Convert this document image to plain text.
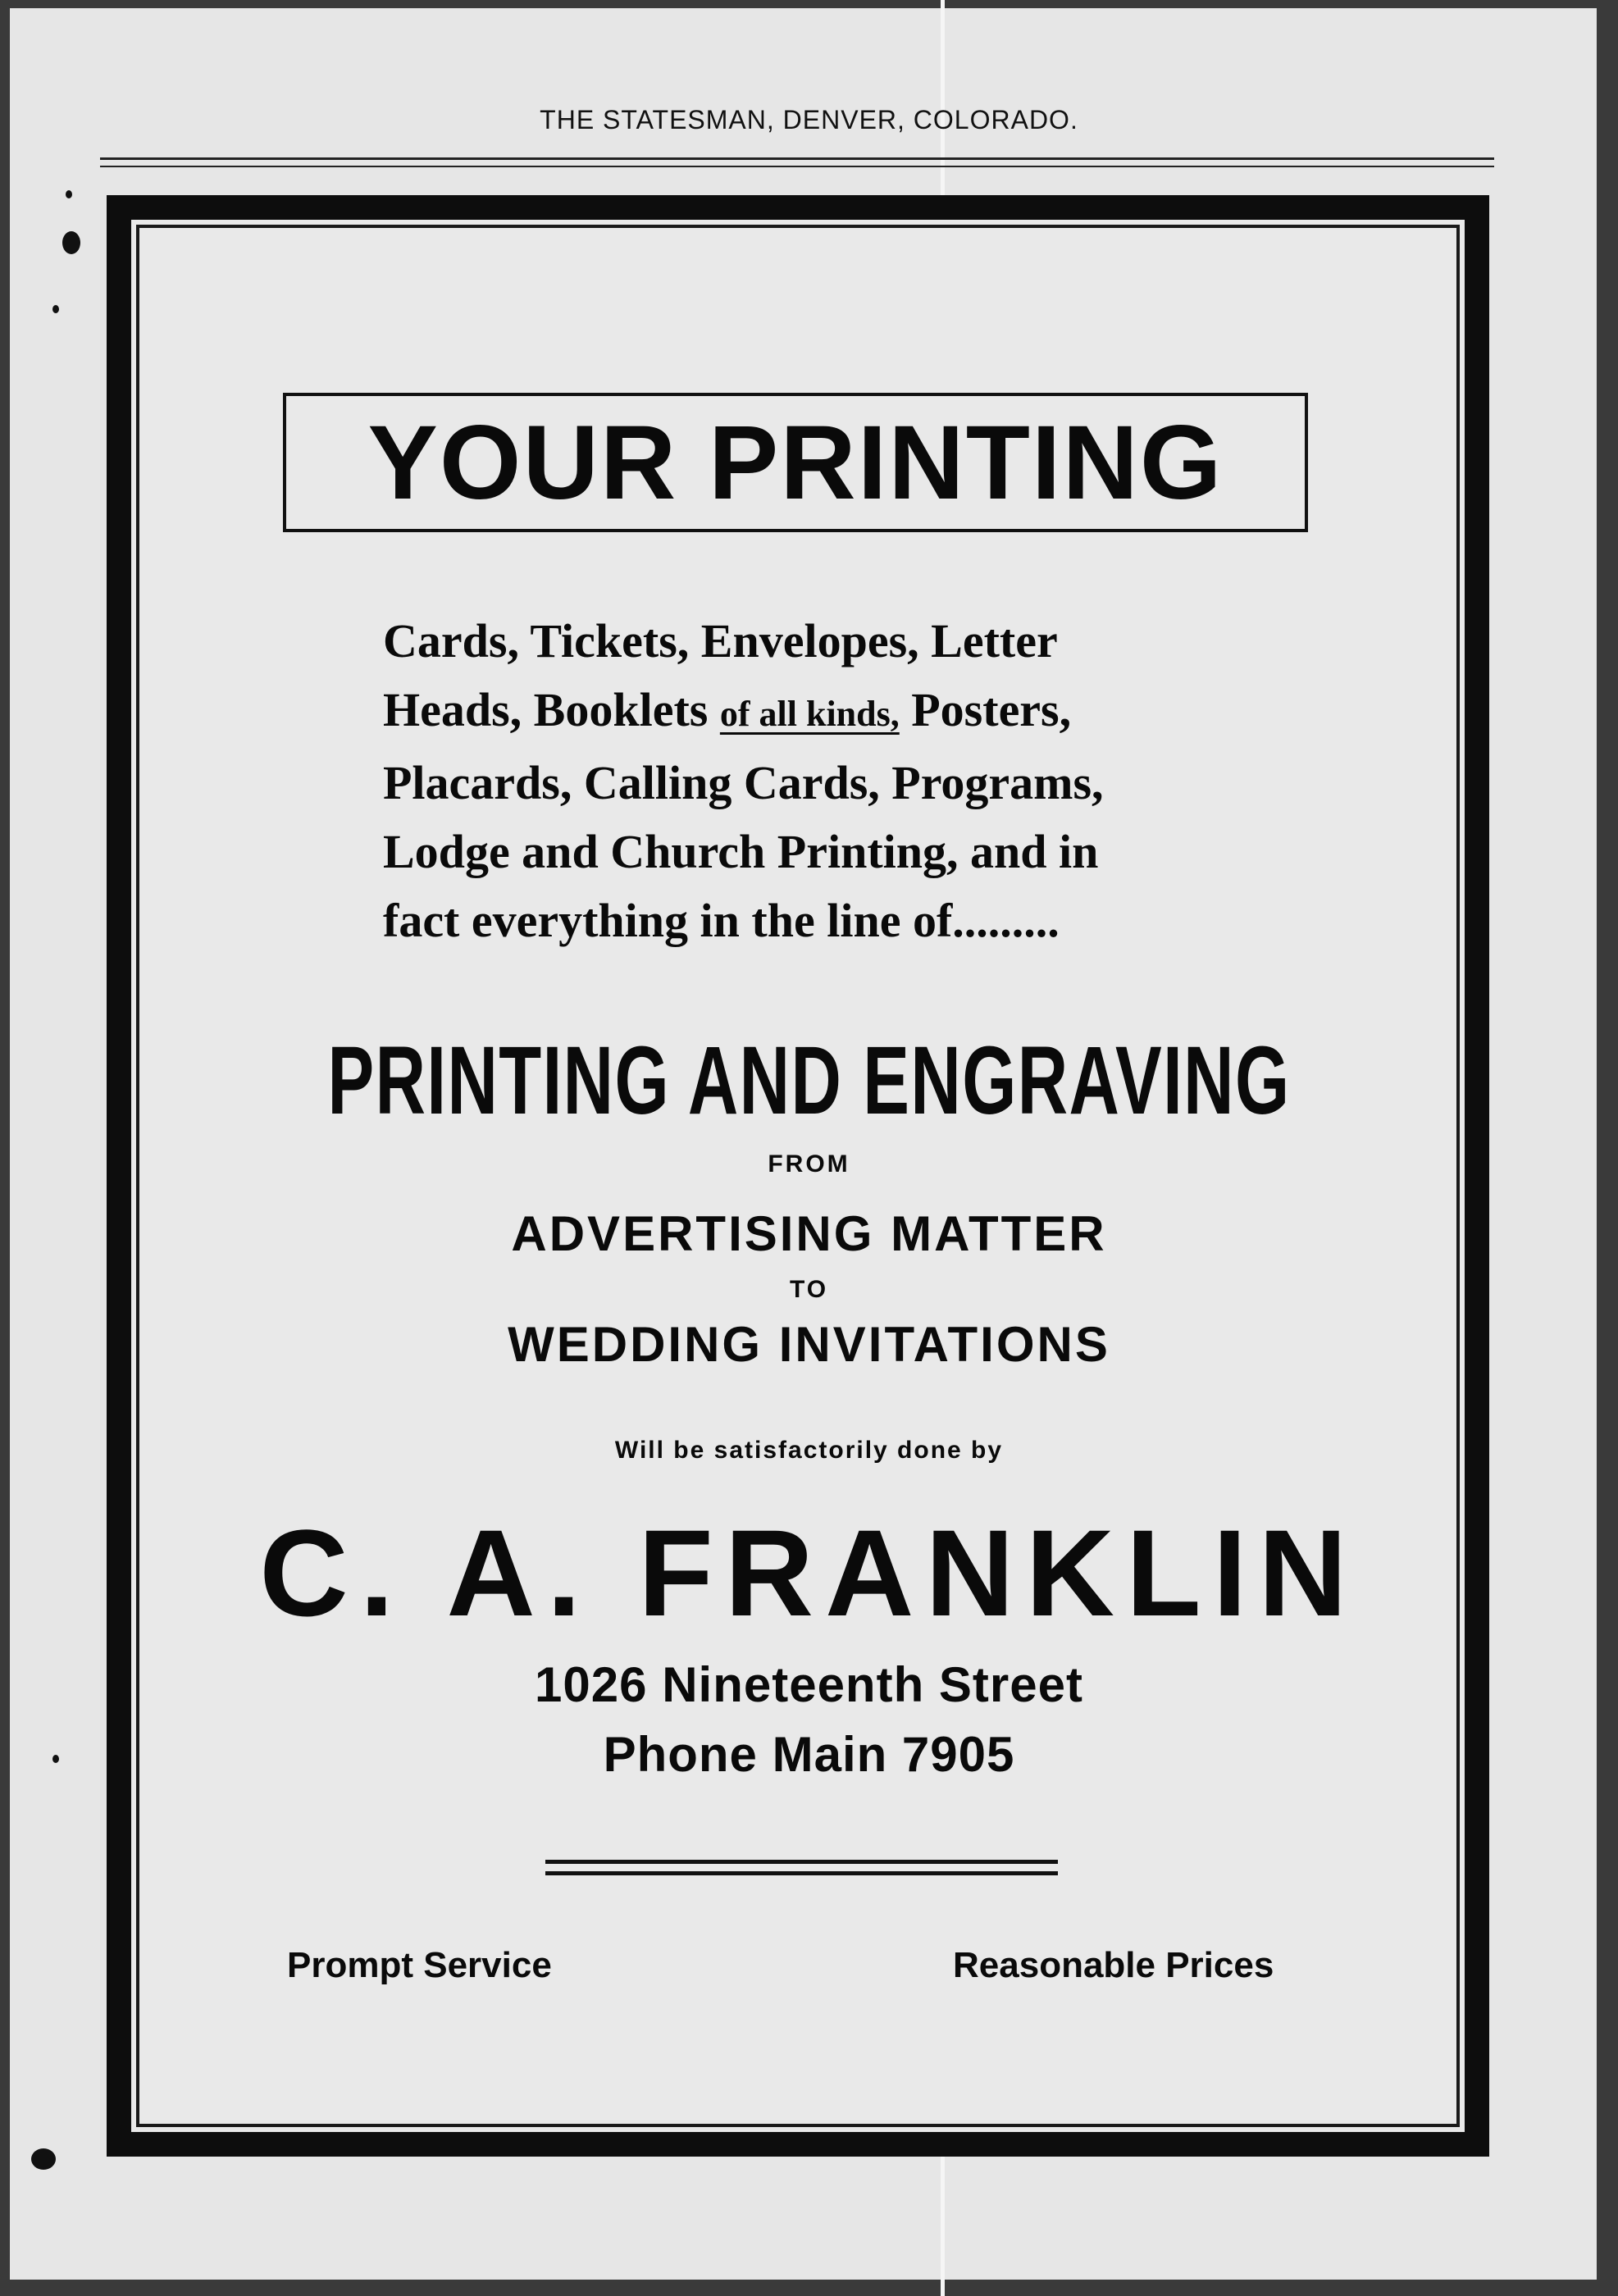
THE STATESMAN, DENVER, COLORADO.
YOUR PRINTING
Cards, Tickets, Envelopes, Letter
Heads, Booklets of all kinds, Posters,
Placards, Calling Cards, Programs,
Lodge and Church Printing, and in
fact everything in the line of.........
PRINTING AND ENGRAVING
FROM
ADVERTISING MATTER
TO
WEDDING INVITATIONS
Will be satisfactorily done by
C. A. FRANKLIN
1026 Nineteenth Street
Phone Main 7905
Prompt Service	Reasonable Prices
